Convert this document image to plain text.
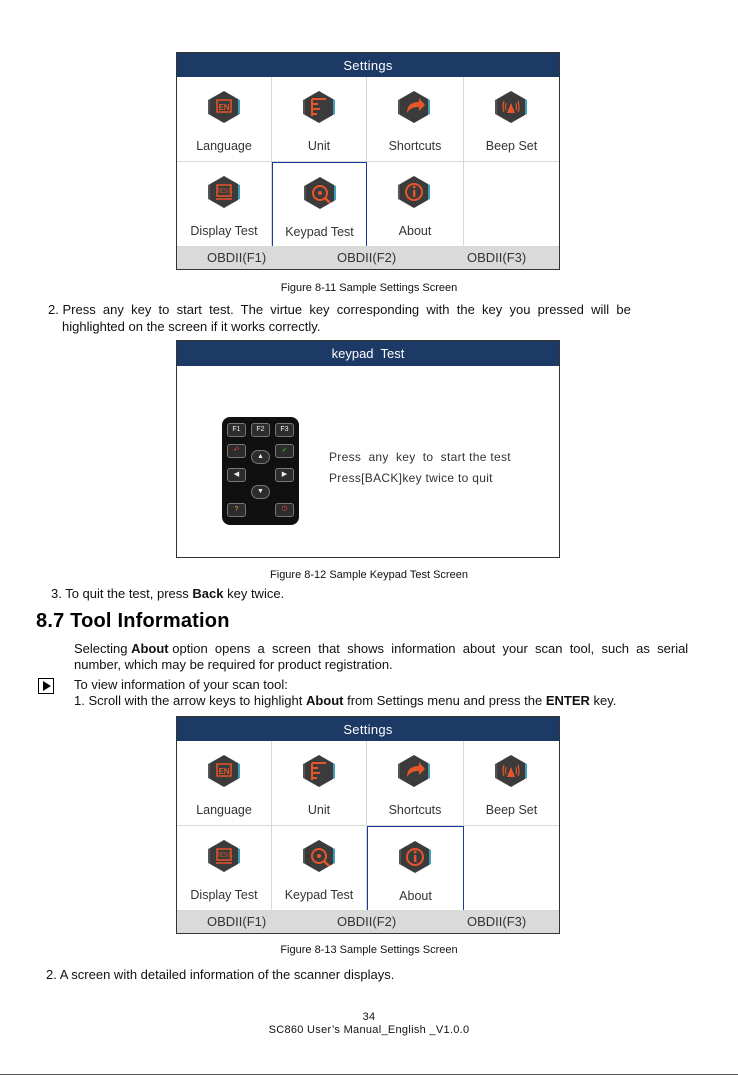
Settings
EN
Language	Unit	Shortcuts	Beep Set
TEST
Display Test	Keypad Test	About
OBDII(F1)	OBDII(F2)	OBDII(F3)
Figure 8-11 Sample Settings Screen
2. Press  any  key  to  start  test.  The  virtue  key  corresponding  with  the  key  you  pressed  will  be
highlighted on the screen if it works correctly.
keypad  Test
F1	F2	F3
↶	✓
▲
◀	▶
▼
?	⏻
Press  any  key  to  start the test
Press[BACK]key twice to quit
Figure 8-12 Sample Keypad Test Screen
3. To quit the test, press Back key twice.
8.7 Tool Information
Selecting About option  opens  a  screen  that  shows  information  about  your  scan  tool,  such  as  serial
number, which may be required for product registration.
To view information of your scan tool:
1. Scroll with the arrow keys to highlight About from Settings menu and press the ENTER key.
Settings
EN
Language	Unit	Shortcuts	Beep Set
TEST
Display Test	Keypad Test	About
OBDII(F1)	OBDII(F2)	OBDII(F3)
Figure 8-13 Sample Settings Screen
2. A screen with detailed information of the scanner displays.
34
SC860 User’s Manual_English _V1.0.0
